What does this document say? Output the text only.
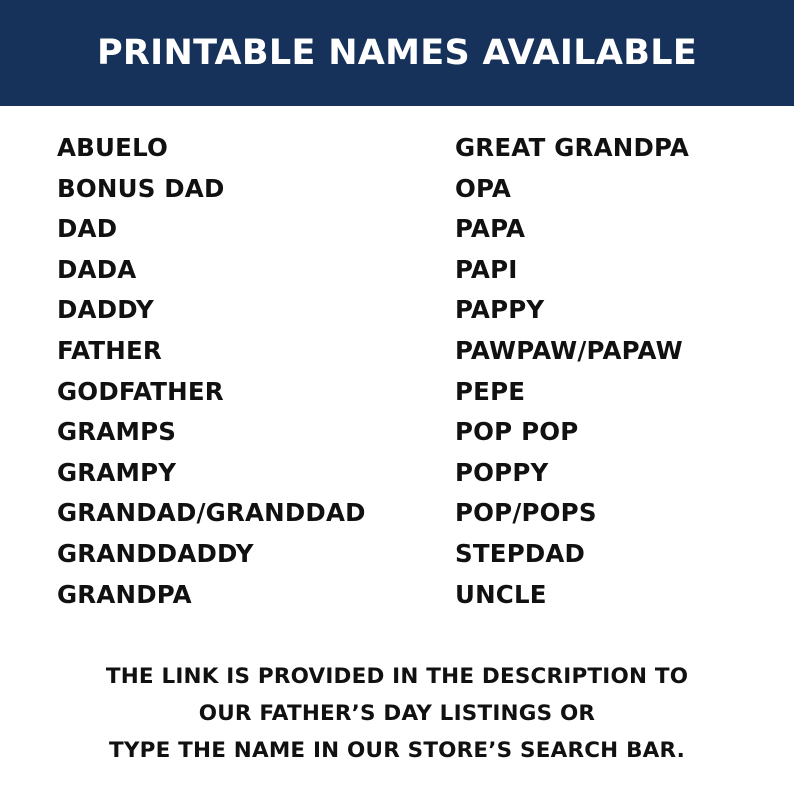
PRINTABLE NAMES AVAILABLE
ABUELO
BONUS DAD
DAD
DADA
DADDY
FATHER
GODFATHER
GRAMPS
GRAMPY
GRANDAD/GRANDDAD
GRANDDADDY
GRANDPA
GREAT GRANDPA
OPA
PAPA
PAPI
PAPPY
PAWPAW/PAPAW
PEPE
POP POP
POPPY
POP/POPS
STEPDAD
UNCLE
THE LINK IS PROVIDED IN THE DESCRIPTION TO
OUR FATHER’S DAY LISTINGS OR
TYPE THE NAME IN OUR STORE’S SEARCH BAR.
